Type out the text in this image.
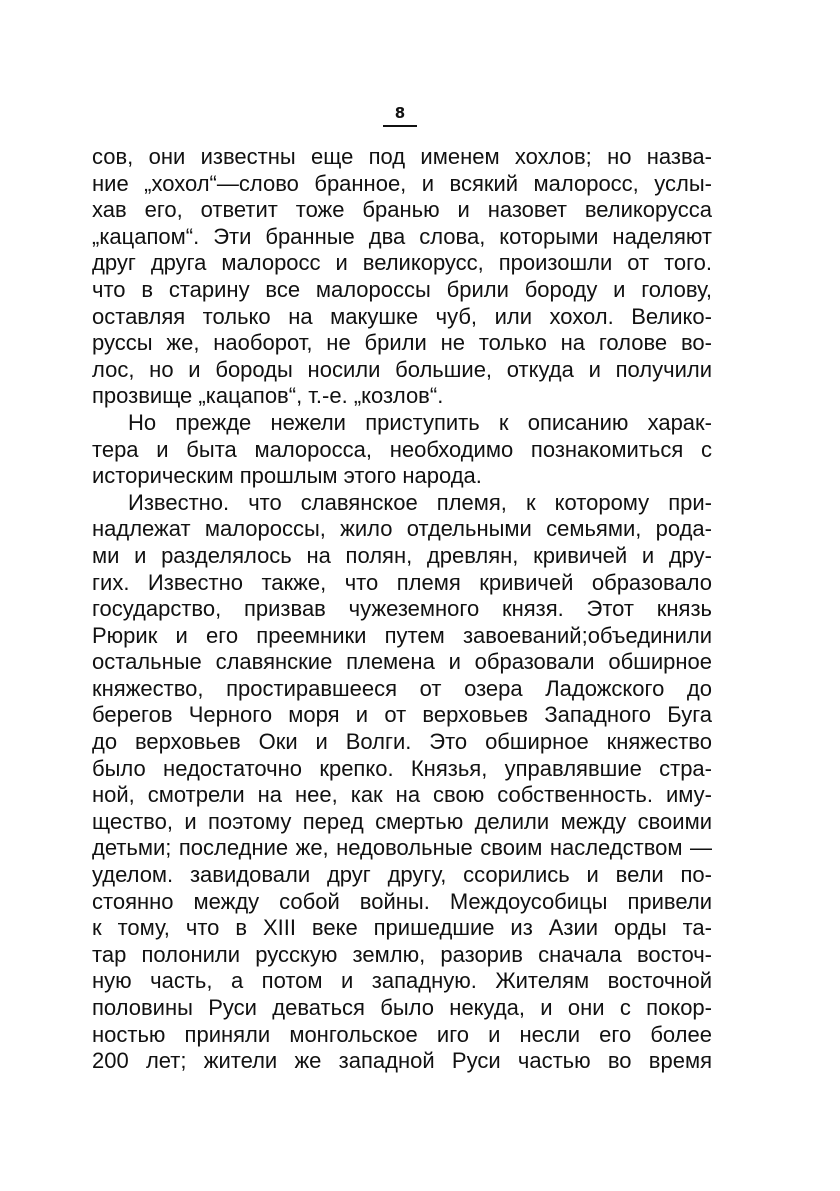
8
сов, они известны еще под именем хохлов; но назва-
ние „хохол“—слово бранное, и всякий малоросс, услы-
хав его, ответит тоже бранью и назовет великорусса
„кацапом“. Эти бранные два слова, которыми наделяют
друг друга малоросс и великорусс, произошли от того.
что в старину все малороссы брили бороду и голову,
оставляя только на макушке чуб, или хохол. Велико-
руссы же, наоборот, не брили не только на голове во-
лос, но и бороды носили большие, откуда и получили
прозвище „кацапов“, т.-е. „козлов“.
Но прежде нежели приступить к описанию харак-
тера и быта малоросса, необходимо познакомиться с
историческим прошлым этого народа.
Известно. что славянское племя, к которому при-
надлежат малороссы, жило отдельными семьями, рода-
ми и разделялось на полян, древлян, кривичей и дру-
гих. Известно также, что племя кривичей образовало
государство, призвав чужеземного князя. Этот князь
Рюрик и его преемники путем завоеваний;объединили
остальные славянские племена и образовали обширное
княжество, простиравшееся от озера Ладожского до
берегов Черного моря и от верховьев Западного Буга
до верховьев Оки и Волги. Это обширное княжество
было недостаточно крепко. Князья, управлявшие стра-
ной, смотрели на нее, как на свою собственность. иму-
щество, и поэтому перед смертью делили между своими
детьми; последние же, недовольные своим наследством —
уделом. завидовали друг другу, ссорились и вели по-
стоянно между собой войны. Междоусобицы привели
к тому, что в XIII веке пришедшие из Азии орды та-
тар полонили русскую землю, разорив сначала восточ-
ную часть, а потом и западную. Жителям восточной
половины Руси деваться было некуда, и они с покор-
ностью приняли монгольское иго и несли его более
200 лет; жители же западной Руси частью во время
